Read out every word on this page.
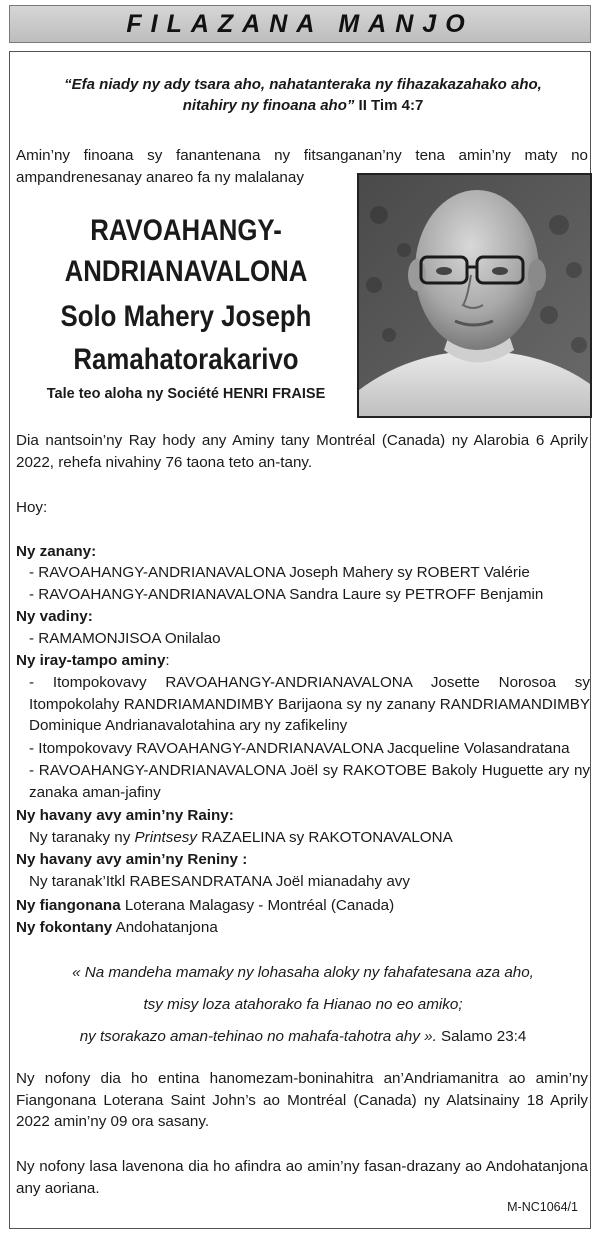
FILAZANA MANJO
“Efa niady ny ady tsara aho, nahatanteraka ny fihazakazahako aho,
nitahiry ny finoana aho” II Tim 4:7
Amin’ny finoana sy fanantenana ny fitsanganan’ny tena amin’ny maty no ampandrenesanay anareo fa ny malalanay
RAVOAHANGY-
ANDRIANAVALONA
Solo Mahery Joseph
Ramahatorakarivo
Tale teo aloha ny Société HENRI FRAISE
Dia nantsoin’ny Ray hody any Aminy tany Montréal (Canada) ny Alarobia 6 Aprily 2022, rehefa nivahiny 76 taona teto an-tany.
Hoy:
Ny zanany:
- RAVOAHANGY-ANDRIANAVALONA Joseph Mahery sy ROBERT Valérie
- RAVOAHANGY-ANDRIANAVALONA Sandra Laure sy PETROFF Benjamin
Ny vadiny:
- RAMAMONJISOA Onilalao
Ny iray-tampo aminy:
- Itompokovavy RAVOAHANGY-ANDRIANAVALONA Josette Norosoa sy Itompokolahy RANDRIAMANDIMBY Barijaona sy ny zanany RANDRIAMANDIMBY Dominique Andrianavalotahina ary ny zafikeliny
- Itompokovavy RAVOAHANGY-ANDRIANAVALONA Jacqueline Volasandratana
- RAVOAHANGY-ANDRIANAVALONA Joël sy RAKOTOBE Bakoly Huguette ary ny zanaka aman-jafiny
Ny havany avy amin’ny Rainy:
Ny taranaky ny Printsesy RAZAELINA sy RAKOTONAVALONA
Ny havany avy amin’ny Reniny :
Ny taranak’Itkl RABESANDRATANA Joël mianadahy avy
Ny fiangonana Loterana Malagasy - Montréal (Canada)
Ny fokontany Andohatanjona
« Na mandeha mamaky ny lohasaha aloky ny fahafatesana aza aho,
tsy misy loza atahorako fa Hianao no eo amiko;
ny tsorakazo aman-tehinao no mahafa-tahotra ahy ». Salamo 23:4
Ny nofony dia ho entina hanomezam-boninahitra an’Andriamanitra ao amin’ny Fiangonana Loterana Saint John’s ao Montréal (Canada) ny Alatsinainy 18 Aprily 2022 amin’ny 09 ora sasany.
Ny nofony lasa lavenona dia ho afindra ao amin’ny fasan-drazany ao Andohatanjona any aoriana.
M-NC1064/1
